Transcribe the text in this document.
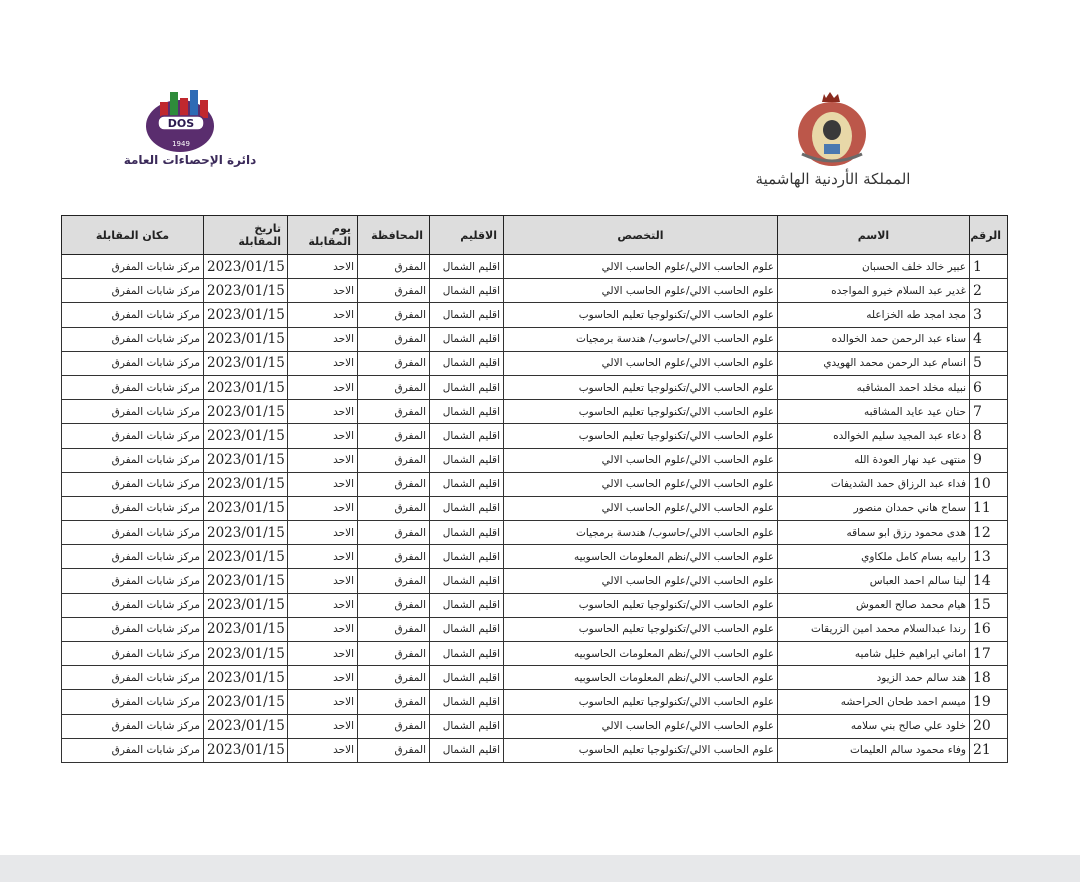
DOS
1949
دائرة الإحصاءات العامة
المملكة الأردنية الهاشمية
الرقم	الاسم	التخصص	الاقليم	المحافظة	يوم المقابلة	تاريخ المقابلة	مكان المقابلة
1	عبير خالد خلف الحسبان	علوم الحاسب الالي/علوم الحاسب الالي	اقليم الشمال	المفرق	الاحد	2023/01/15	مركز شابات المفرق
2	غدير عبد السلام خيرو المواجده	علوم الحاسب الالي/علوم الحاسب الالي	اقليم الشمال	المفرق	الاحد	2023/01/15	مركز شابات المفرق
3	مجد امجد طه الخزاعله	علوم الحاسب الالي/تكنولوجيا تعليم الحاسوب	اقليم الشمال	المفرق	الاحد	2023/01/15	مركز شابات المفرق
4	سناء عبد الرحمن حمد الخوالده	علوم الحاسب الالي/حاسوب/ هندسة برمجيات	اقليم الشمال	المفرق	الاحد	2023/01/15	مركز شابات المفرق
5	انسام عبد الرحمن محمد الهويدي	علوم الحاسب الالي/علوم الحاسب الالي	اقليم الشمال	المفرق	الاحد	2023/01/15	مركز شابات المفرق
6	نبيله مخلد احمد المشاقبه	علوم الحاسب الالي/تكنولوجيا تعليم الحاسوب	اقليم الشمال	المفرق	الاحد	2023/01/15	مركز شابات المفرق
7	حنان عيد عايد المشاقبه	علوم الحاسب الالي/تكنولوجيا تعليم الحاسوب	اقليم الشمال	المفرق	الاحد	2023/01/15	مركز شابات المفرق
8	دعاء عبد المجيد سليم الخوالده	علوم الحاسب الالي/تكنولوجيا تعليم الحاسوب	اقليم الشمال	المفرق	الاحد	2023/01/15	مركز شابات المفرق
9	منتهى عيد نهار العودة الله	علوم الحاسب الالي/علوم الحاسب الالي	اقليم الشمال	المفرق	الاحد	2023/01/15	مركز شابات المفرق
10	فداء عبد الرزاق حمد الشديفات	علوم الحاسب الالي/علوم الحاسب الالي	اقليم الشمال	المفرق	الاحد	2023/01/15	مركز شابات المفرق
11	سماح هاني حمدان منصور	علوم الحاسب الالي/علوم الحاسب الالي	اقليم الشمال	المفرق	الاحد	2023/01/15	مركز شابات المفرق
12	هدى محمود رزق ابو سماقه	علوم الحاسب الالي/حاسوب/ هندسة برمجيات	اقليم الشمال	المفرق	الاحد	2023/01/15	مركز شابات المفرق
13	رابيه بسام كامل ملكاوي	علوم الحاسب الالي/نظم المعلومات الحاسوبيه	اقليم الشمال	المفرق	الاحد	2023/01/15	مركز شابات المفرق
14	لينا سالم احمد العباس	علوم الحاسب الالي/علوم الحاسب الالي	اقليم الشمال	المفرق	الاحد	2023/01/15	مركز شابات المفرق
15	هيام محمد صالح العموش	علوم الحاسب الالي/تكنولوجيا تعليم الحاسوب	اقليم الشمال	المفرق	الاحد	2023/01/15	مركز شابات المفرق
16	رندا عبدالسلام محمد امين الزريقات	علوم الحاسب الالي/تكنولوجيا تعليم الحاسوب	اقليم الشمال	المفرق	الاحد	2023/01/15	مركز شابات المفرق
17	اماني ابراهيم خليل شاميه	علوم الحاسب الالي/نظم المعلومات الحاسوبيه	اقليم الشمال	المفرق	الاحد	2023/01/15	مركز شابات المفرق
18	هند سالم حمد الزيود	علوم الحاسب الالي/نظم المعلومات الحاسوبيه	اقليم الشمال	المفرق	الاحد	2023/01/15	مركز شابات المفرق
19	ميسم احمد طحان الحراحشه	علوم الحاسب الالي/تكنولوجيا تعليم الحاسوب	اقليم الشمال	المفرق	الاحد	2023/01/15	مركز شابات المفرق
20	خلود علي صالح بني سلامه	علوم الحاسب الالي/علوم الحاسب الالي	اقليم الشمال	المفرق	الاحد	2023/01/15	مركز شابات المفرق
21	وفاء محمود سالم العليمات	علوم الحاسب الالي/تكنولوجيا تعليم الحاسوب	اقليم الشمال	المفرق	الاحد	2023/01/15	مركز شابات المفرق
